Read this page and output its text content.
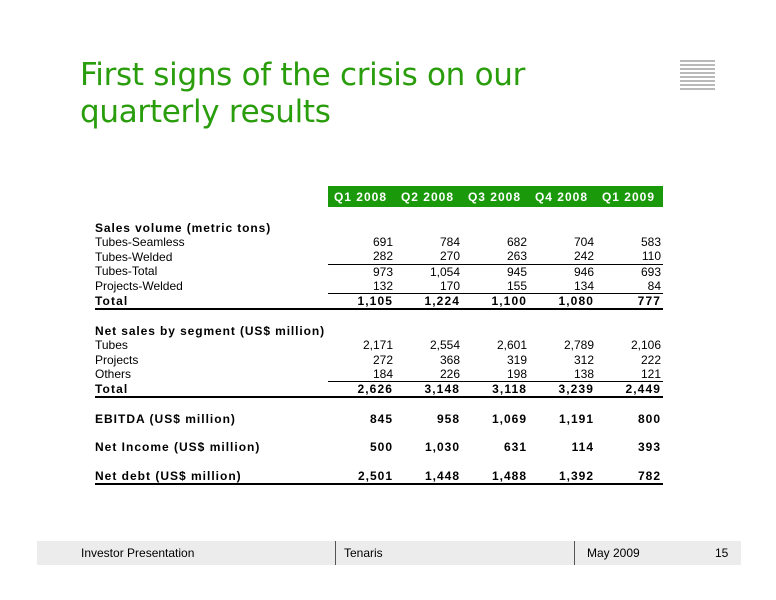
First signs of the crisis on our quarterly results
	Q1 2008	Q2 2008	Q3 2008	Q4 2008	Q1 2009

Sales volume (metric tons)					
Tubes-Seamless	691	784	682	704	583
Tubes-Welded	282	270	263	242	110
Tubes-Total	973	1,054	945	946	693
Projects-Welded	132	170	155	134	84
Total	1,105	1,224	1,100	1,080	777

Net sales by segment (US$ million)					
Tubes	2,171	2,554	2,601	2,789	2,106
Projects	272	368	319	312	222
Others	184	226	198	138	121
Total	2,626	3,148	3,118	3,239	2,449

EBITDA (US$ million)	845	958	1,069	1,191	800

Net Income (US$ million)	500	1,030	631	114	393

Net debt (US$ million)	2,501	1,448	1,488	1,392	782
Investor Presentation	Tenaris	May 2009	15
